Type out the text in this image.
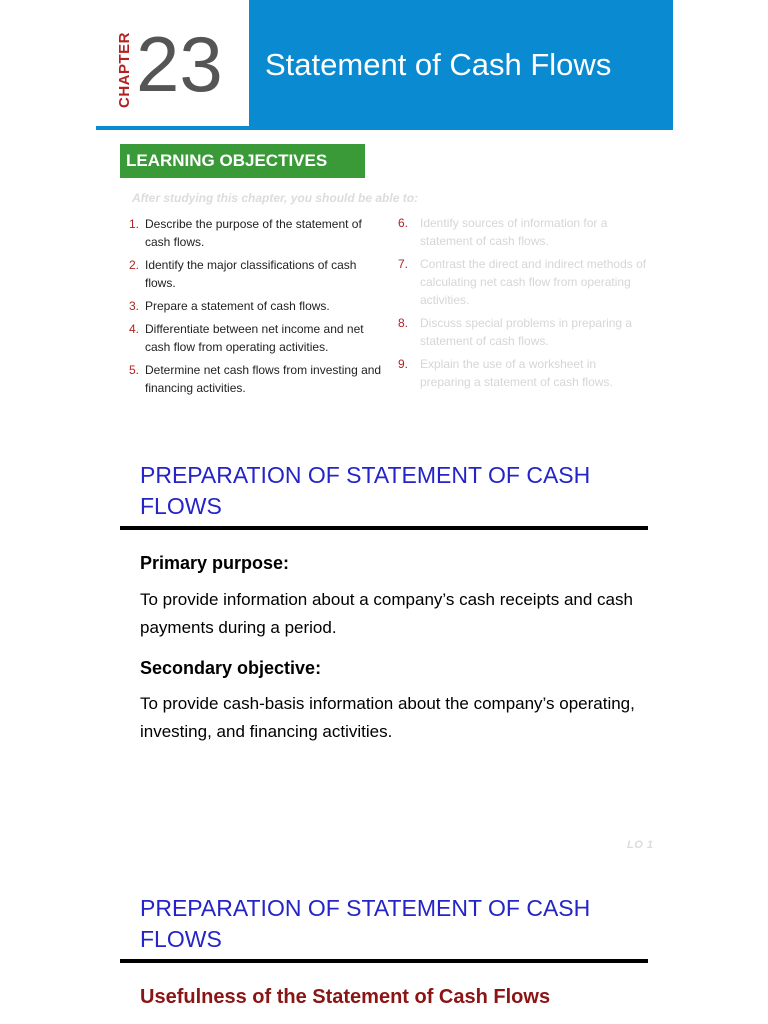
CHAPTER 23 Statement of Cash Flows
LEARNING OBJECTIVES
After studying this chapter, you should be able to:
1. Describe the purpose of the statement of cash flows.
2. Identify the major classifications of cash flows.
3. Prepare a statement of cash flows.
4. Differentiate between net income and net cash flow from operating activities.
5. Determine net cash flows from investing and financing activities.
6. Identify sources of information for a statement of cash flows.
7. Contrast the direct and indirect methods of calculating net cash flow from operating activities.
8. Discuss special problems in preparing a statement of cash flows.
9. Explain the use of a worksheet in preparing a statement of cash flows.
PREPARATION OF STATEMENT OF CASH FLOWS
Primary purpose:
To provide information about a company’s cash receipts and cash payments during a period.
Secondary objective:
To provide cash-basis information about the company’s operating, investing, and financing activities.
LO 1
PREPARATION OF STATEMENT OF CASH FLOWS
Usefulness of the Statement of Cash Flows
